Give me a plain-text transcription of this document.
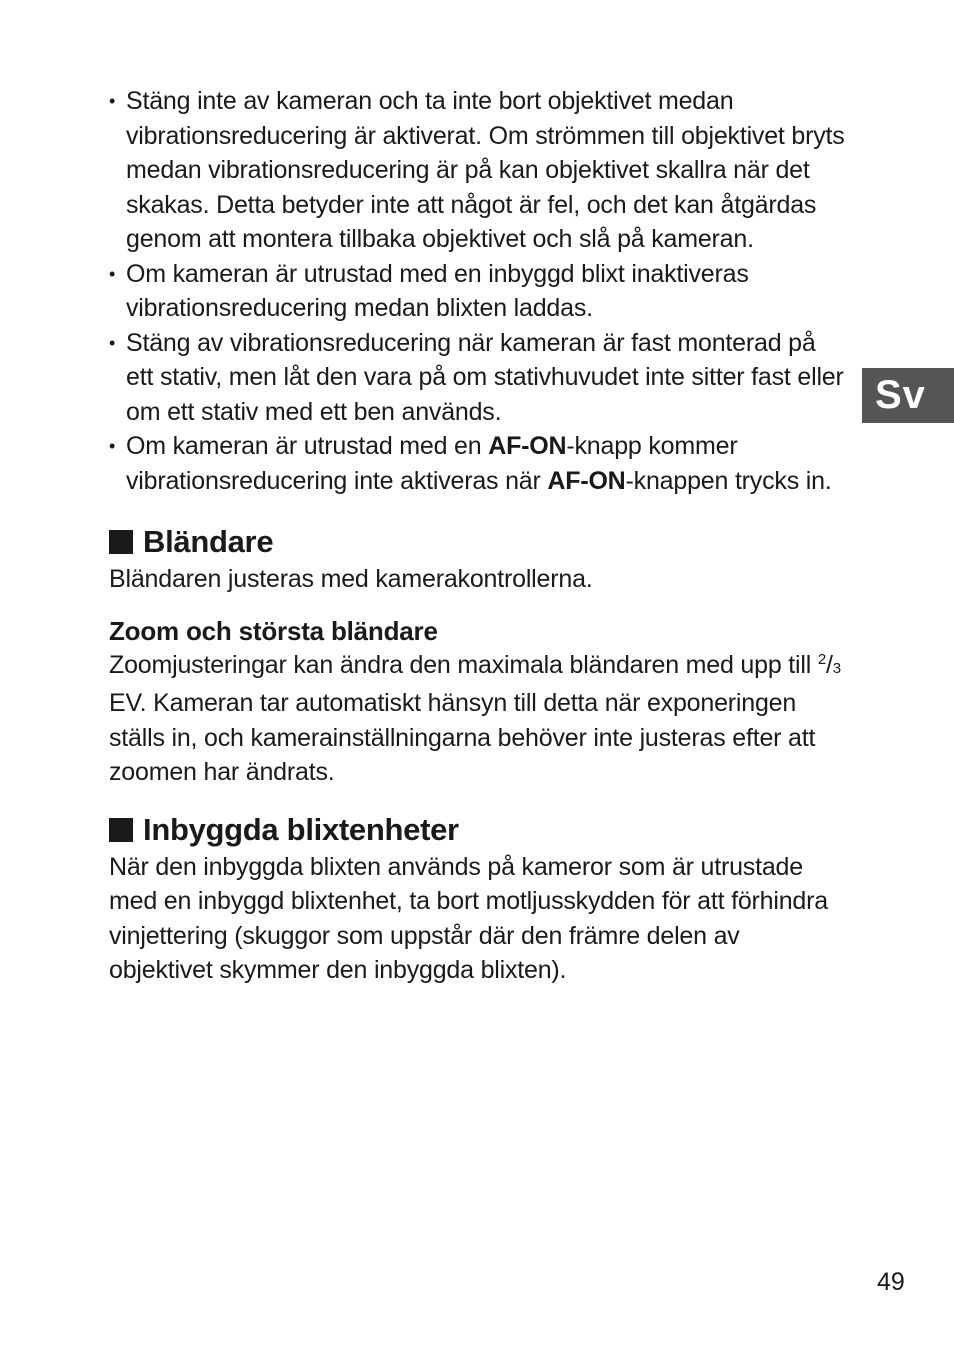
• Stäng inte av kameran och ta inte bort objektivet medan vibrationsreducering är aktiverat. Om strömmen till objektivet bryts medan vibrationsreducering är på kan objektivet skallra när det skakas. Detta betyder inte att något är fel, och det kan åtgärdas genom att montera tillbaka objektivet och slå på kameran.
• Om kameran är utrustad med en inbyggd blixt inaktiveras vibrationsreducering medan blixten laddas.
• Stäng av vibrationsreducering när kameran är fast monterad på ett stativ, men låt den vara på om stativhuvudet inte sitter fast eller om ett stativ med ett ben används.
• Om kameran är utrustad med en AF-ON-knapp kommer vibrationsreducering inte aktiveras när AF-ON-knappen trycks in.
Bländare

Bländaren justeras med kamerakontrollerna.

Zoom och största bländare

Zoomjusteringar kan ändra den maximala bländaren med upp till $^2$/3 EV. Kameran tar automatiskt hänsyn till detta när exponeringen ställs in, och kamerainställningarna behöver inte justeras efter att zoomen har ändrats.

Inbyggda blixtenheter

När den inbyggda blixten används på kameror som är utrustade med en inbyggd blixtenhet, ta bort motljusskydden för att förhindra vinjettering (skuggor som uppstår där den främre delen av objektivet skymmer den inbyggda blixten).

Sv
49
